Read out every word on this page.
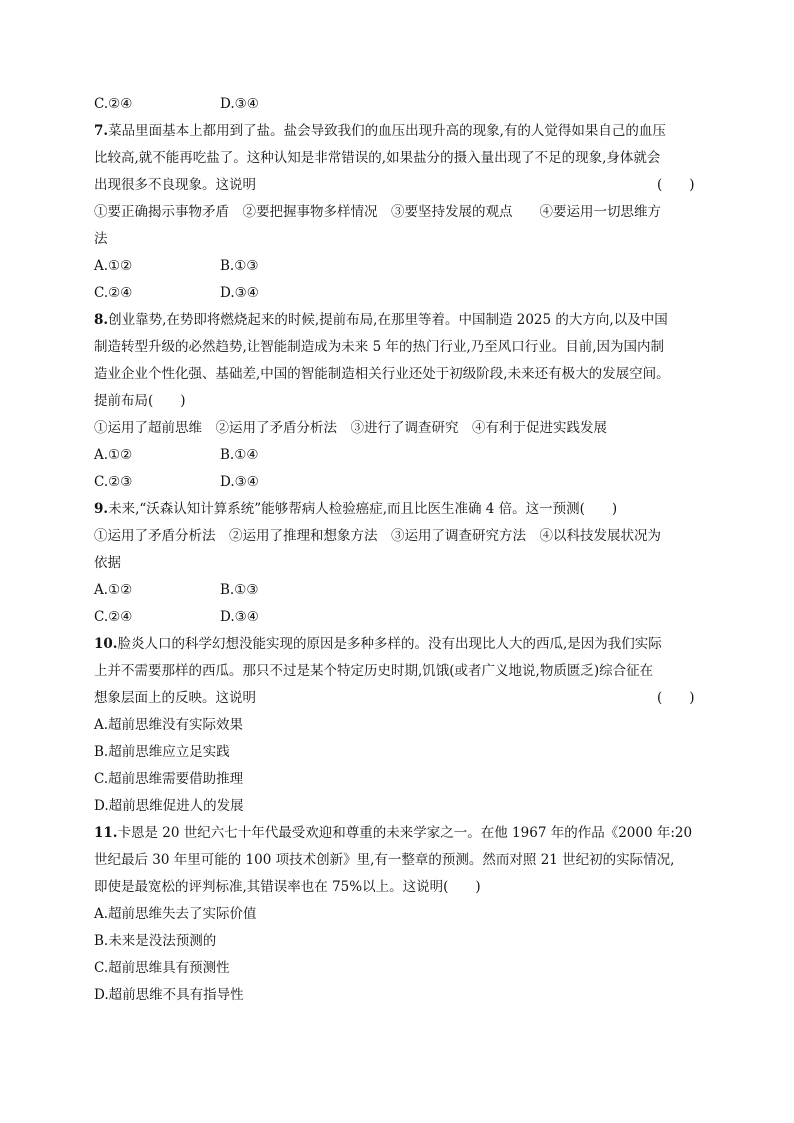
C.②④	D.③④
7.菜品里面基本上都用到了盐。盐会导致我们的血压出现升高的现象,有的人觉得如果自己的血压
比较高,就不能再吃盐了。这种认知是非常错误的,如果盐分的摄入量出现了不足的现象,身体就会
出现很多不良现象。这说明	(　　)
①要正确揭示事物矛盾　②要把握事物多样情况　③要坚持发展的观点　　④要运用一切思维方
法
A.①②	B.①③
C.②④	D.③④
8.创业靠势,在势即将燃烧起来的时候,提前布局,在那里等着。中国制造 2025 的大方向,以及中国
制造转型升级的必然趋势,让智能制造成为未来 5 年的热门行业,乃至风口行业。目前,因为国内制
造业企业个性化强、基础差,中国的智能制造相关行业还处于初级阶段,未来还有极大的发展空间。
提前布局(　　)
①运用了超前思维　②运用了矛盾分析法　③进行了调查研究　④有利于促进实践发展
A.①②	B.①④
C.②③	D.③④
9.未来,“沃森认知计算系统”能够帮病人检验癌症,而且比医生准确 4 倍。这一预测(　　)
①运用了矛盾分析法　②运用了推理和想象方法　③运用了调查研究方法　④以科技发展状况为
依据
A.①②	B.①③
C.②④	D.③④
10.脸炎人口的科学幻想没能实现的原因是多种多样的。没有出现比人大的西瓜,是因为我们实际
上并不需要那样的西瓜。那只不过是某个特定历史时期,饥饿(或者广义地说,物质匮乏)综合征在
想象层面上的反映。这说明	(　　)
A.超前思维没有实际效果
B.超前思维应立足实践
C.超前思维需要借助推理
D.超前思维促进人的发展
11.卡恩是 20 世纪六七十年代最受欢迎和尊重的未来学家之一。在他 1967 年的作品《2000 年:20
世纪最后 30 年里可能的 100 项技术创新》里,有一整章的预测。然而对照 21 世纪初的实际情况,
即使是最宽松的评判标准,其错误率也在 75%以上。这说明(　　)
A.超前思维失去了实际价值
B.未来是没法预测的
C.超前思维具有预测性
D.超前思维不具有指导性
